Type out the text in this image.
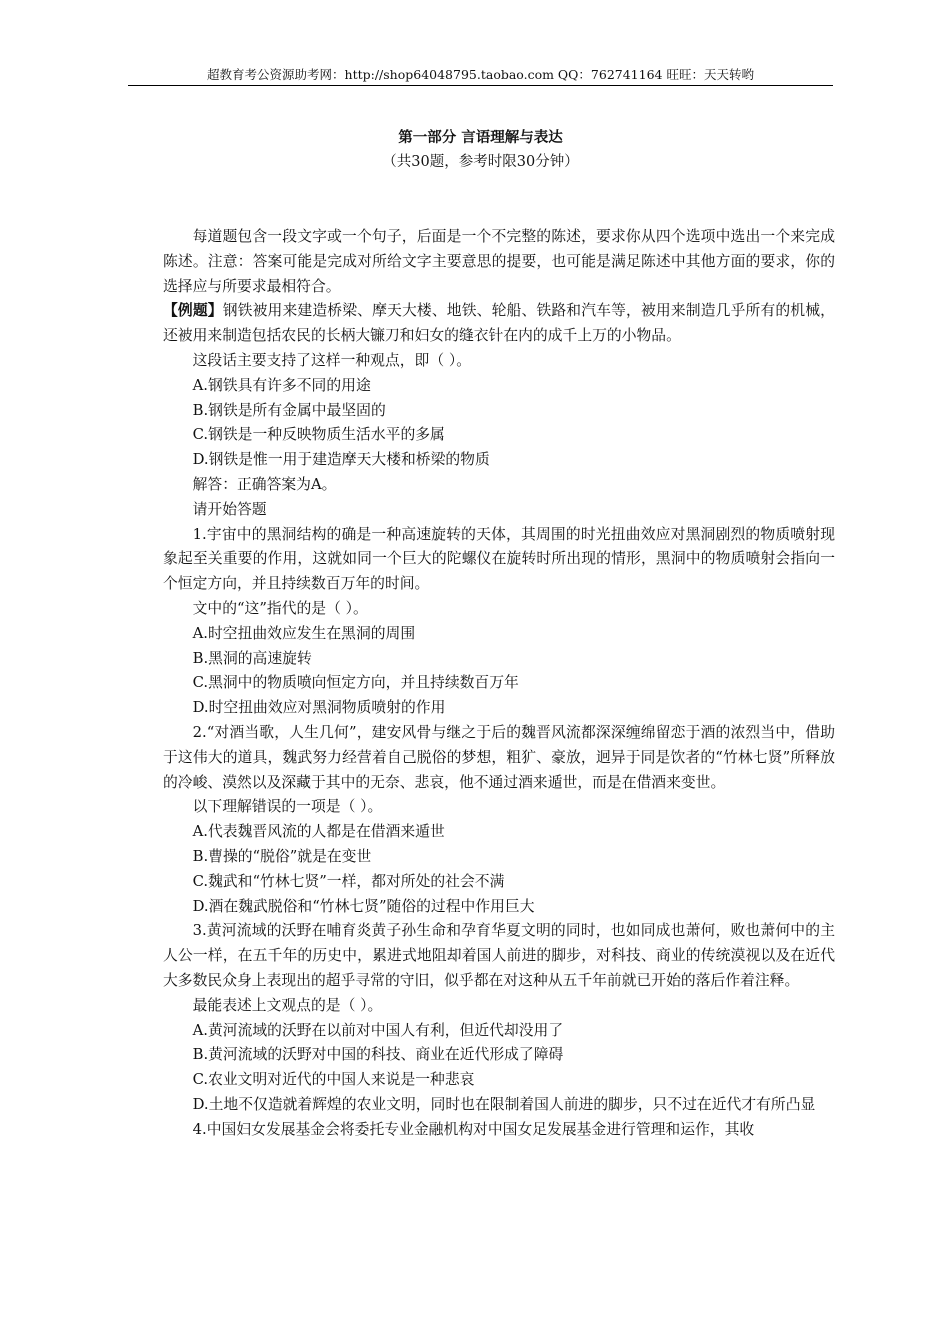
超教育考公资源助考网：http://shop64048795.taobao.com QQ：762741164 旺旺：天天转哟
第一部分 言语理解与表达
（共30题，参考时限30分钟）

每道题包含一段文字或一个句子，后面是一个不完整的陈述，要求你从四个选项中选出一个来完成陈述。注意：答案可能是完成对所给文字主要意思的提要，也可能是满足陈述中其他方面的要求，你的选择应与所要求最相符合。

【例题】钢铁被用来建造桥梁、摩天大楼、地铁、轮船、铁路和汽车等，被用来制造几乎所有的机械，还被用来制造包括农民的长柄大镰刀和妇女的缝衣针在内的成千上万的小物品。

这段话主要支持了这样一种观点，即（ ）。

A.钢铁具有许多不同的用途

B.钢铁是所有金属中最坚固的

C.钢铁是一种反映物质生活水平的多属

D.钢铁是惟一用于建造摩天大楼和桥梁的物质

解答：正确答案为A。

请开始答题

1.宇宙中的黑洞结构的确是一种高速旋转的天体，其周围的时光扭曲效应对黑洞剧烈的物质喷射现象起至关重要的作用，这就如同一个巨大的陀螺仪在旋转时所出现的情形，黑洞中的物质喷射会指向一个恒定方向，并且持续数百万年的时间。

文中的“这”指代的是（ ）。

A.时空扭曲效应发生在黑洞的周围

B.黑洞的高速旋转

C.黑洞中的物质喷向恒定方向，并且持续数百万年

D.时空扭曲效应对黑洞物质喷射的作用

2.“对酒当歌，人生几何”，建安风骨与继之于后的魏晋风流都深深缠绵留恋于酒的浓烈当中，借助于这伟大的道具，魏武努力经营着自己脱俗的梦想，粗犷、豪放，迥异于同是饮者的“竹林七贤”所释放的冷峻、漠然以及深藏于其中的无奈、悲哀，他不通过酒来遁世，而是在借酒来变世。

以下理解错误的一项是（ ）。

A.代表魏晋风流的人都是在借酒来遁世

B.曹操的“脱俗”就是在变世

C.魏武和“竹林七贤”一样，都对所处的社会不满

D.酒在魏武脱俗和“竹林七贤”随俗的过程中作用巨大

3.黄河流域的沃野在哺育炎黄子孙生命和孕育华夏文明的同时，也如同成也萧何，败也萧何中的主人公一样，在五千年的历史中，累进式地阻却着国人前进的脚步，对科技、商业的传统漠视以及在近代大多数民众身上表现出的超乎寻常的守旧，似乎都在对这种从五千年前就已开始的落后作着注释。

最能表述上文观点的是（ ）。

A.黄河流域的沃野在以前对中国人有利，但近代却没用了

B.黄河流域的沃野对中国的科技、商业在近代形成了障碍

C.农业文明对近代的中国人来说是一种悲哀

D.土地不仅造就着辉煌的农业文明，同时也在限制着国人前进的脚步，只不过在近代才有所凸显

4.中国妇女发展基金会将委托专业金融机构对中国女足发展基金进行管理和运作，其收
